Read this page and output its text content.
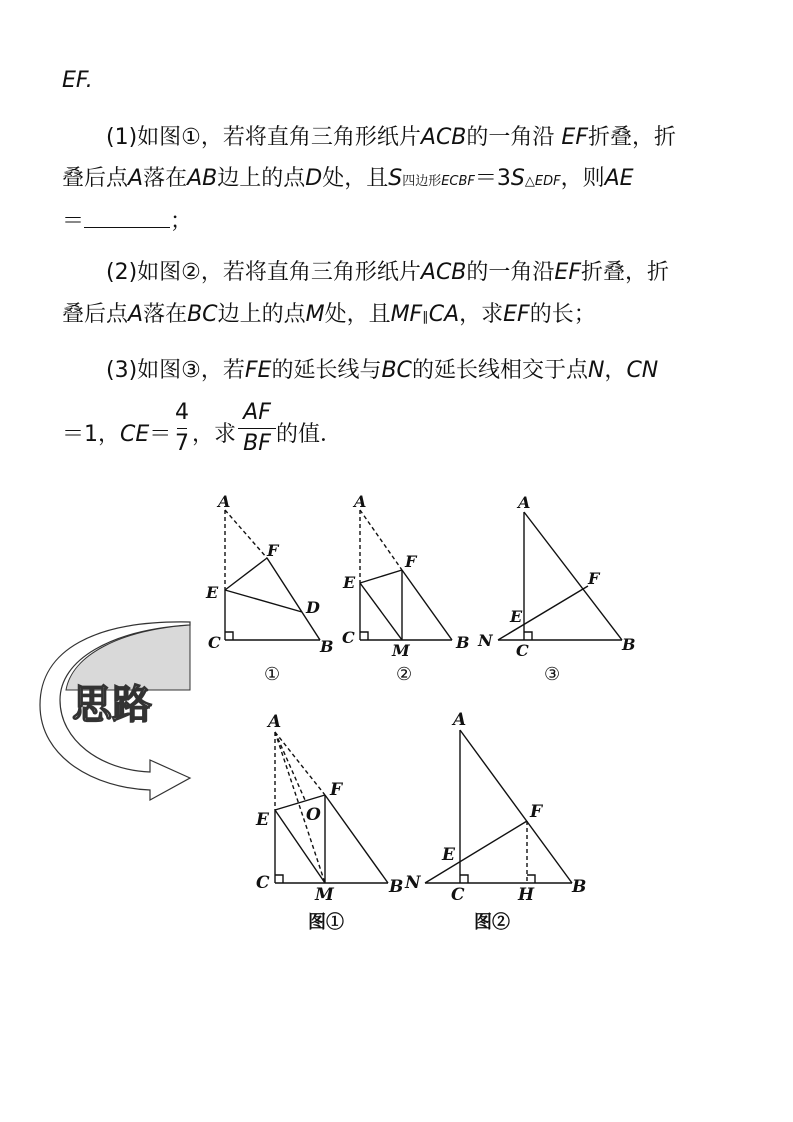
EF.
(1)如图①，若将直角三角形纸片ACB的一角沿 EF折叠，折
叠后点A落在AB边上的点D处，且S四边形ECBF＝3S△EDF，则AE
＝	；
(2)如图②，若将直角三角形纸片ACB的一角沿EF折叠，折
叠后点A落在BC边上的点M处，且MF∥CA，求EF的长；
(3)如图③，若FE的延长线与BC的延长线相交于点N，CN
＝1，CE＝
4
7 ，求
AF
BF 的值．
A
F
E
D
C	B
①
A
F
E
C
M	B
②
A
F
E
N
C	B
③
思路	A
F
O
E
C
M	B
图①
A
F
E
N
C	H B
图②
